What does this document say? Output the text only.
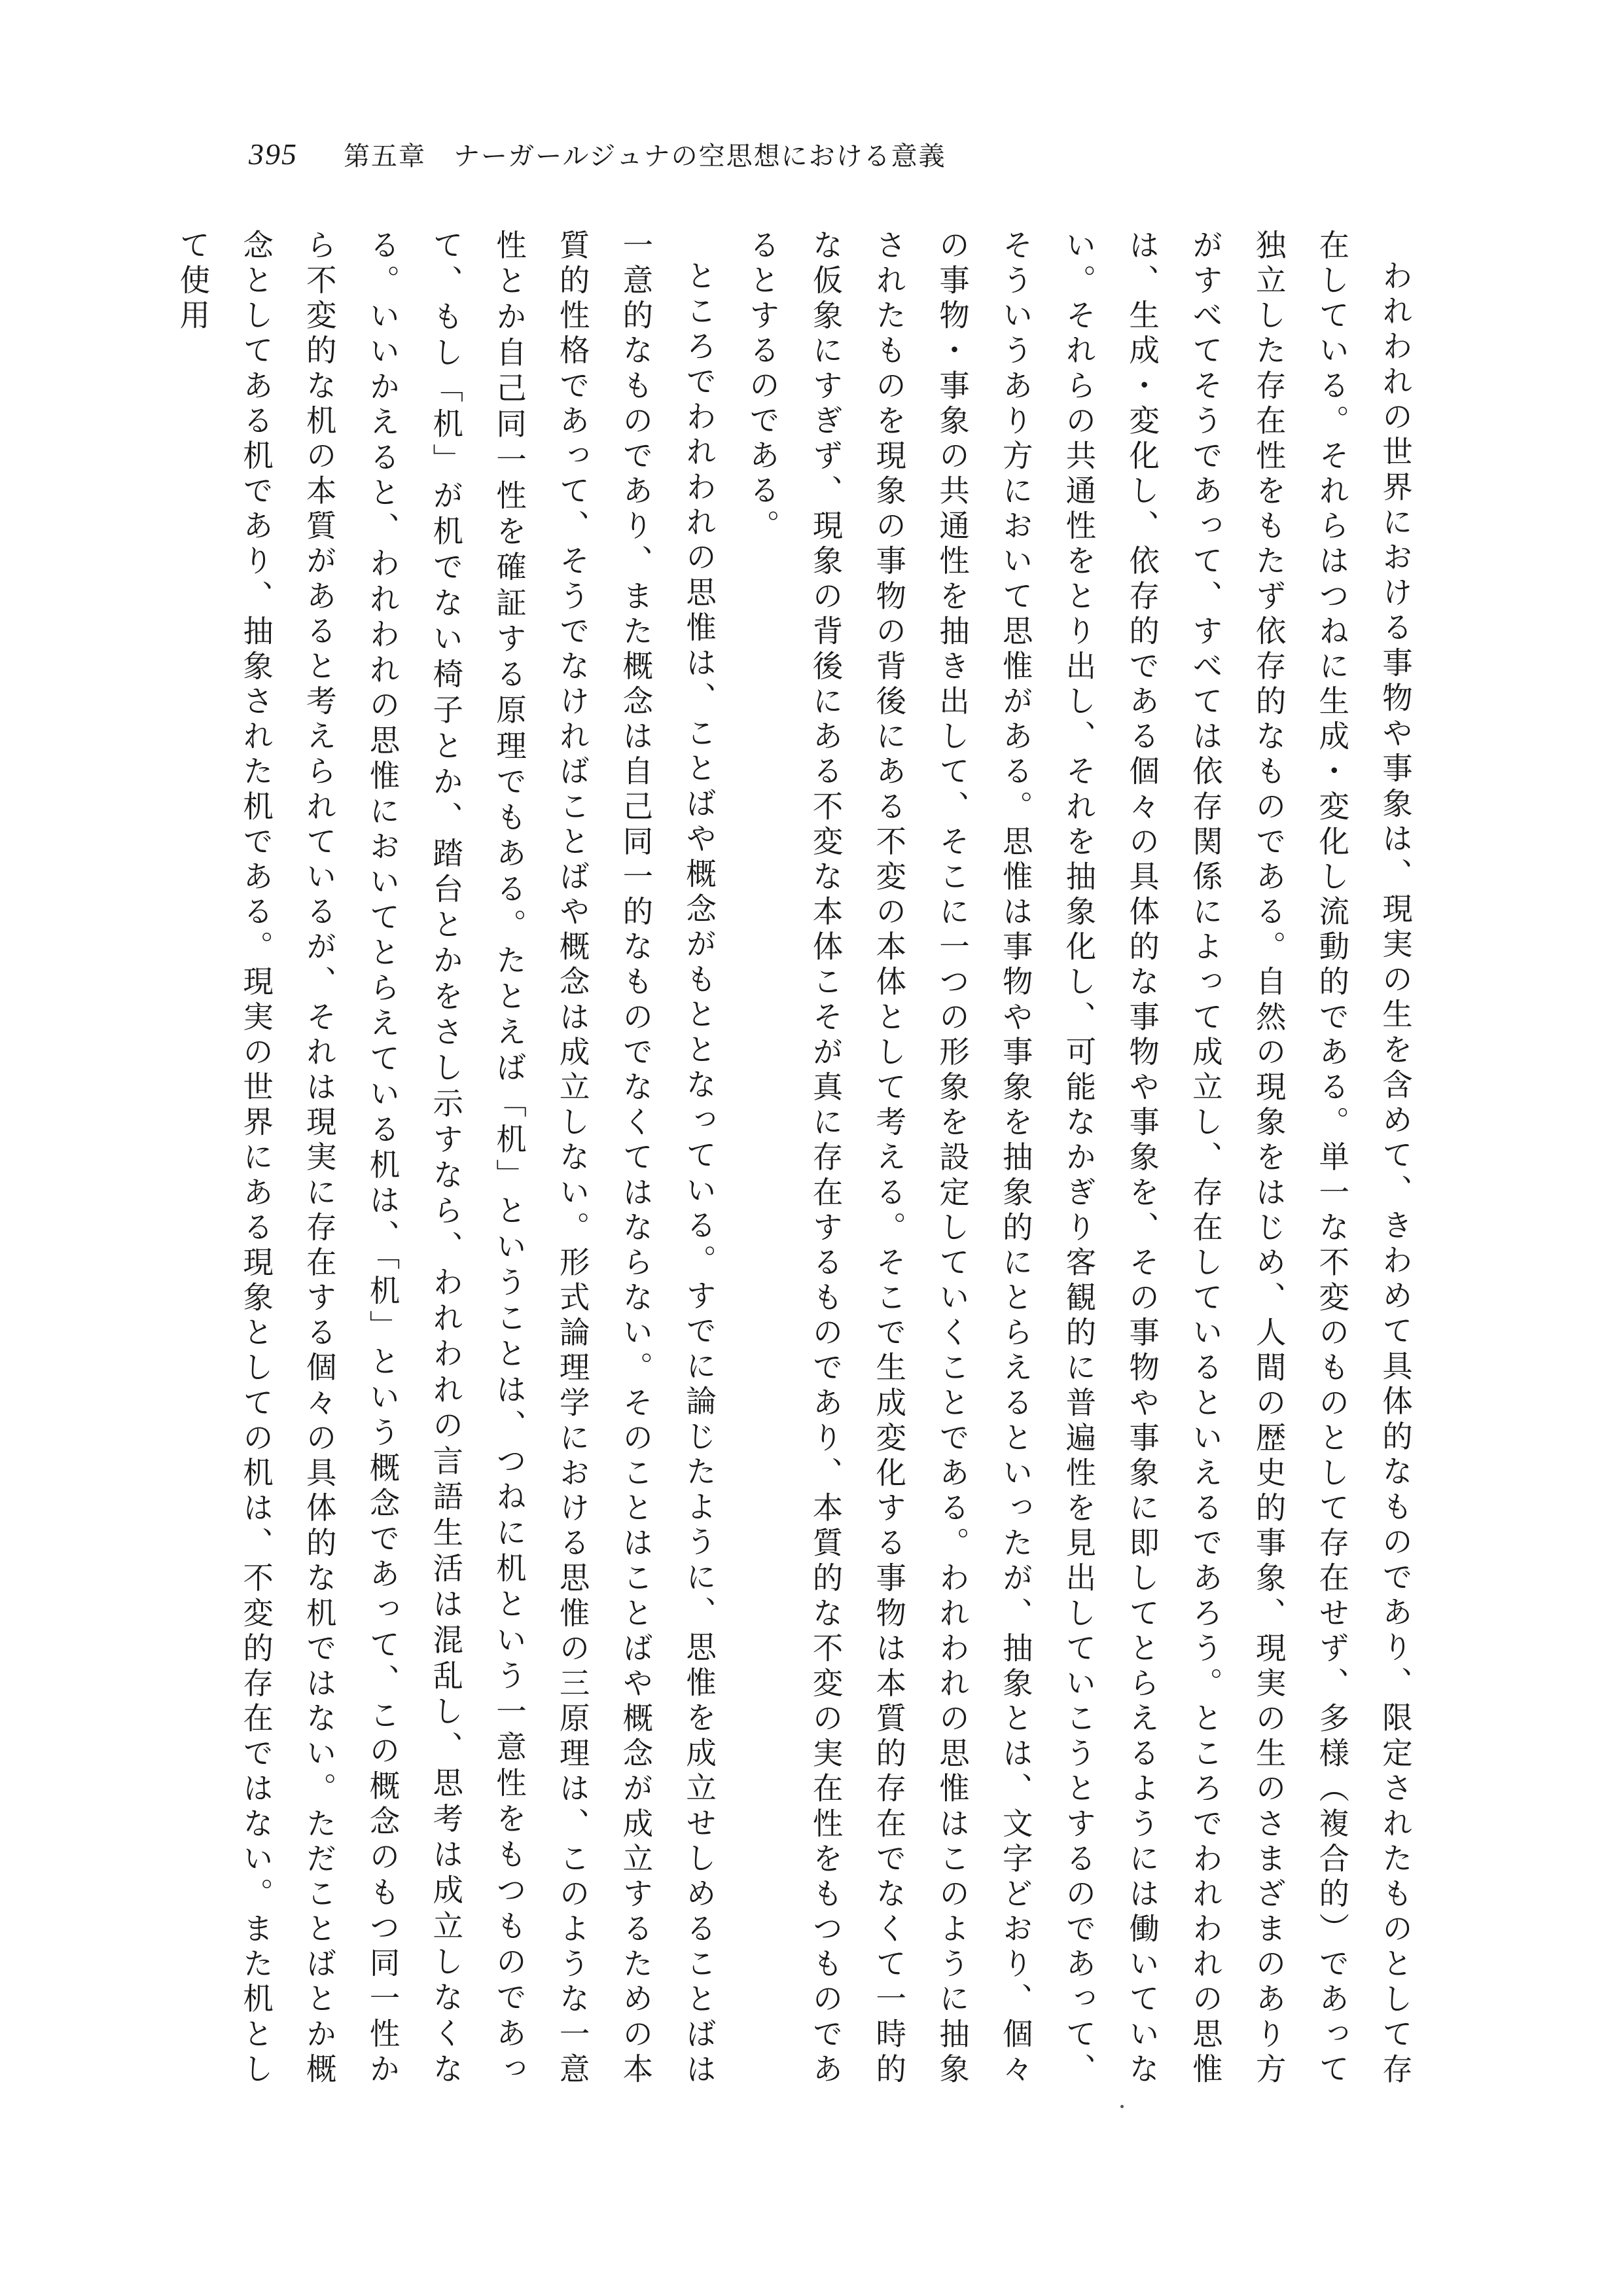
395 第五章　ナーガールジュナの空思想における意義

われわれの世界における事物や事象は、現実の生を含めて、きわめて具体的なものであり、限定されたものとして存在している。それらはつねに生成・変化し流動的である。単一な不変のものとして存在せず、多様（複合的）であって独立した存在性をもたず依存的なものである。自然の現象をはじめ、人間の歴史的事象、現実の生のさまざまのあり方がすべてそうであって、すべては依存関係によって成立し、存在しているといえるであろう。ところでわれわれの思惟は、生成・変化し、依存的である個々の具体的な事物や事象を、その事物や事象に即してとらえるようには働いていない。それらの共通性をとり出し、それを抽象化し、可能なかぎり客観的に普遍性を見出していこうとするのであって、そういうあり方において思惟がある。思惟は事物や事象を抽象的にとらえるといったが、抽象とは、文字どおり、個々の事物・事象の共通性を抽き出して、そこに一つの形象を設定していくことである。われわれの思惟はこのように抽象されたものを現象の事物の背後にある不変の本体として考える。そこで生成変化する事物は本質的存在でなくて一時的な仮象にすぎず、現象の背後にある不変な本体こそが真に存在するものであり、本質的な不変の実在性をもつものであるとするのである。

ところでわれわれの思惟は、ことばや概念がもととなっている。すでに論じたように、思惟を成立せしめることばは一意的なものであり、また概念は自己同一的なものでなくてはならない。そのことはことばや概念が成立するための本質的性格であって、そうでなければことばや概念は成立しない。形式論理学における思惟の三原理は、このような一意性とか自己同一性を確証する原理でもある。たとえば「机」ということは、つねに机という一意性をもつものであって、もし「机」が机でない椅子とか、踏台とかをさし示すなら、われわれの言語生活は混乱し、思考は成立しなくなる。いいかえると、われわれの思惟においてとらえている机は、「机」という概念であって、この概念のもつ同一性から不変的な机の本質があると考えられているが、それは現実に存在する個々の具体的な机ではない。ただことばとか概念としてある机であり、抽象された机である。現実の世界にある現象としての机は、不変的存在ではない。また机として使用
